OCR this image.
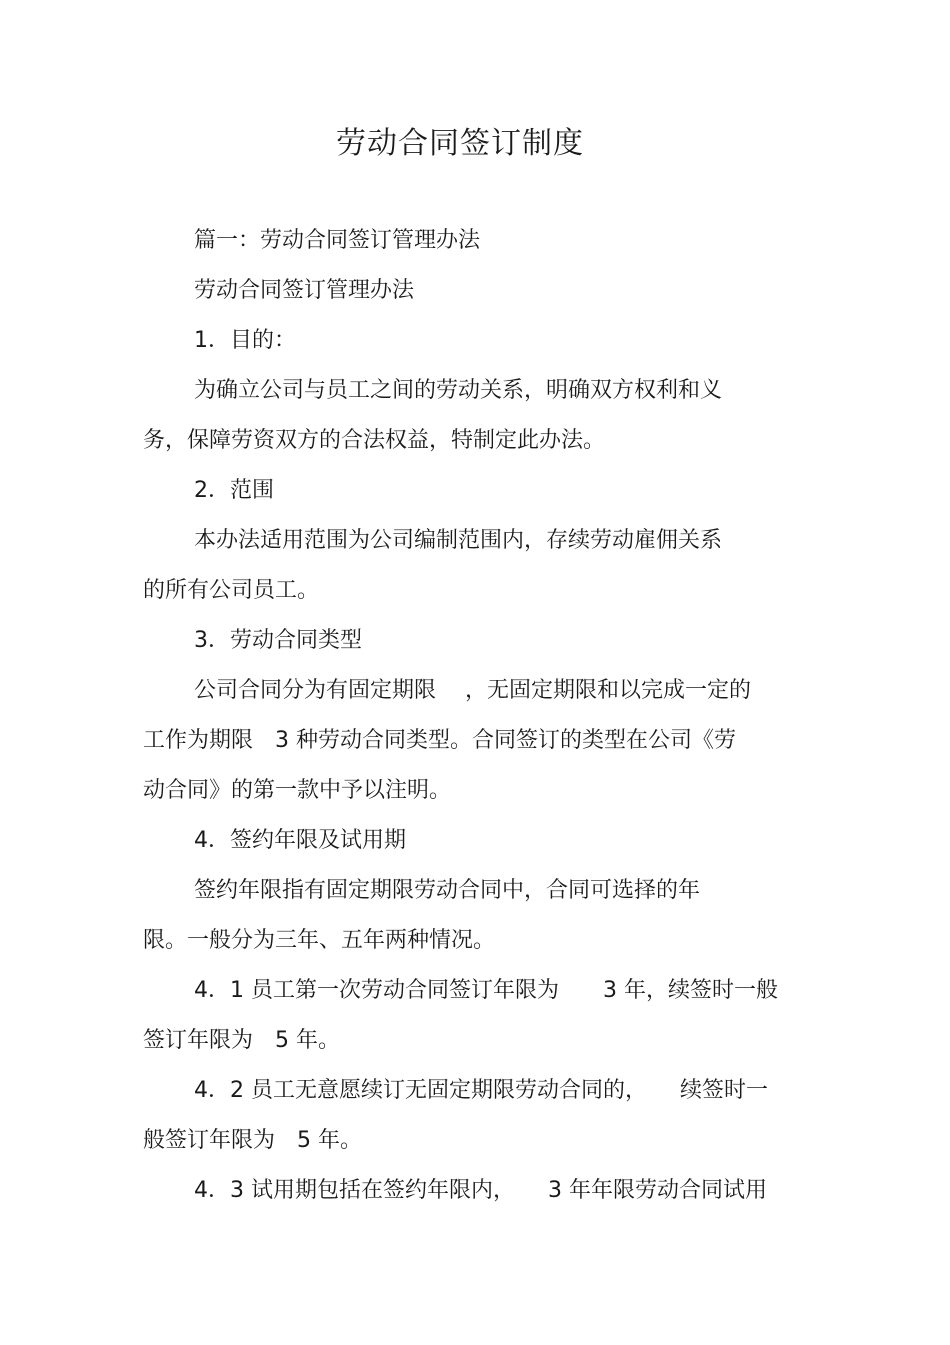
劳动合同签订制度
篇一：劳动合同签订管理办法
劳动合同签订管理办法
1．目的：
为确立公司与员工之间的劳动关系，明确双方权利和义
务，保障劳资双方的合法权益，特制定此办法。
2．范围
本办法适用范围为公司编制范围内，存续劳动雇佣关系
的所有公司员工。
3．劳动合同类型
公司合同分为有固定期限　 ，无固定期限和以完成一定的
工作为期限　3 种劳动合同类型。合同签订的类型在公司《劳
动合同》的第一款中予以注明。
4．签约年限及试用期
签约年限指有固定期限劳动合同中，合同可选择的年
限。一般分为三年、五年两种情况。
4．1 员工第一次劳动合同签订年限为　　3 年，续签时一般
签订年限为　5 年。
4．2 员工无意愿续订无固定期限劳动合同的，　　续签时一
般签订年限为　5 年。
4．3 试用期包括在签约年限内，　　3 年年限劳动合同试用
